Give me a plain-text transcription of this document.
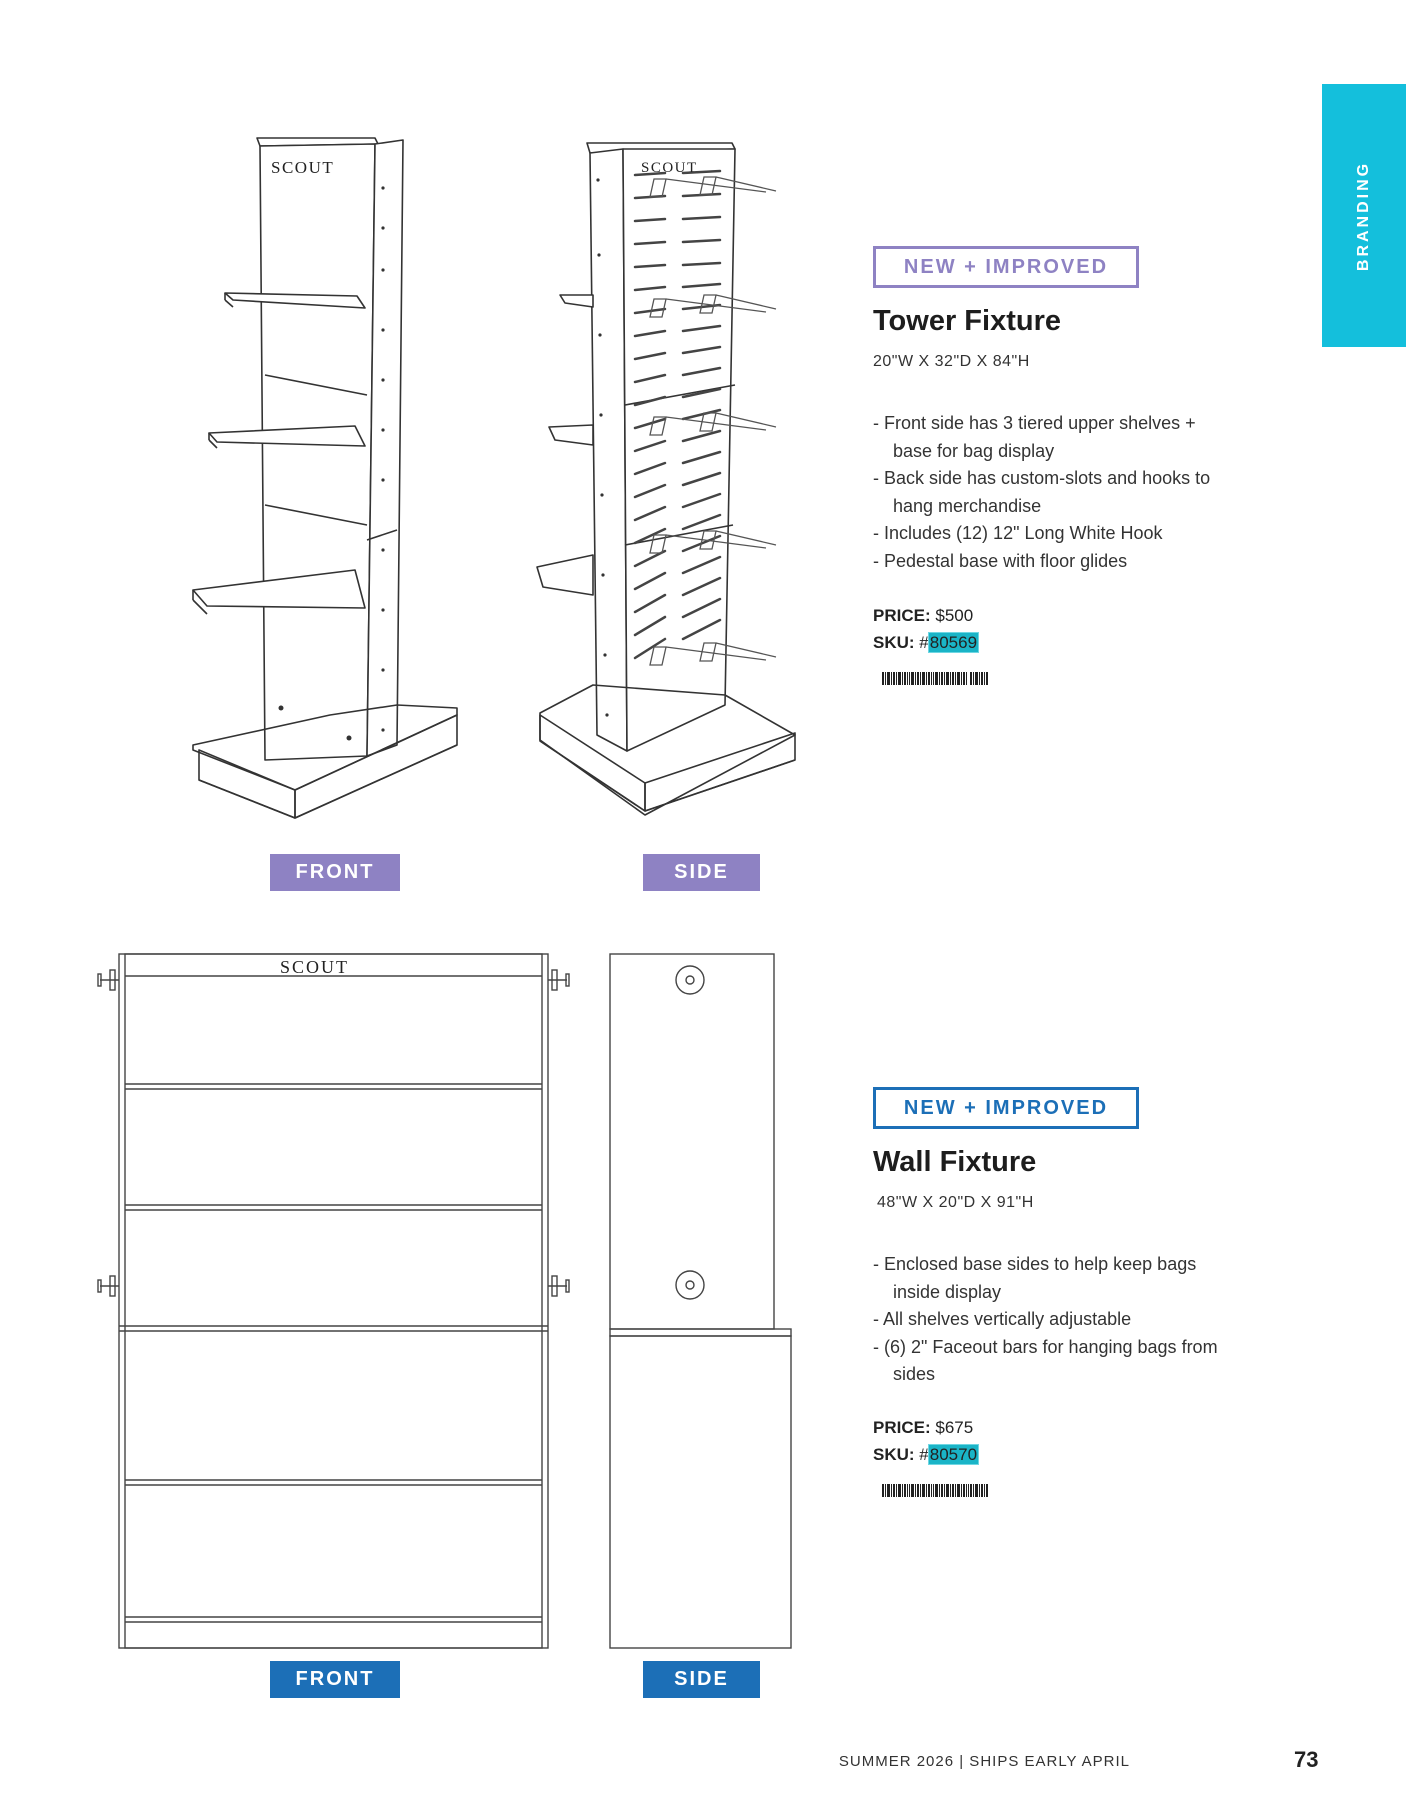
BRANDING
SCOUT
FRONT
SCOUT
SIDE
NEW + IMPROVED
Tower Fixture
20"W X 32"D X 84"H
- Front side has 3 tiered upper shelves + base for bag display
- Back side has custom-slots and hooks to hang merchandise
- Includes (12) 12" Long White Hook
- Pedestal base with floor glides
PRICE: $500
SKU: #80569
SCOUT
FRONT	SIDE
NEW + IMPROVED
Wall Fixture
48"W X 20"D X 91"H
- Enclosed base sides to help keep bags inside display
- All shelves vertically adjustable
- (6) 2" Faceout bars for hanging bags from sides
PRICE: $675
SKU: #80570
SUMMER 2026 | SHIPS EARLY APRIL	73
